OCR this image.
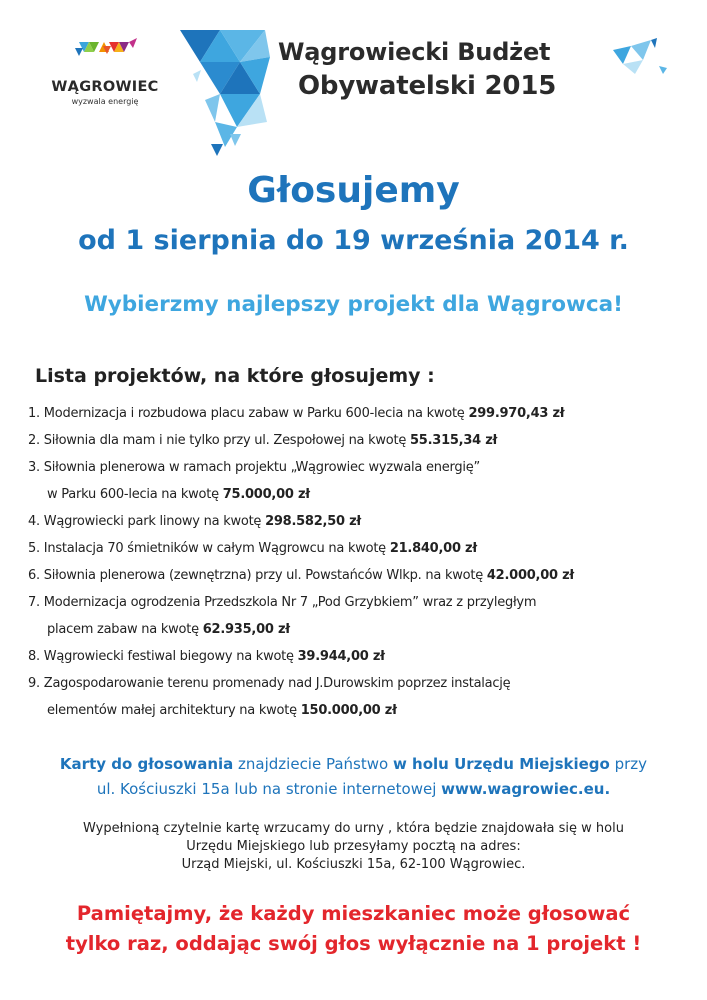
WĄGROWIEC
wyzwala energię
Wągrowiecki Budżet
Obywatelski 2015
Głosujemy
od 1 sierpnia do 19 września 2014 r.
Wybierzmy najlepszy projekt dla Wągrowca!
Lista projektów, na które głosujemy :
1. Modernizacja i rozbudowa placu zabaw w Parku 600-lecia na kwotę 299.970,43 zł
2. Siłownia dla mam i nie tylko przy ul. Zespołowej na kwotę 55.315,34 zł
3. Siłownia plenerowa w ramach projektu „Wągrowiec wyzwala energię”
w Parku 600-lecia na kwotę 75.000,00 zł
4. Wągrowiecki park linowy na kwotę 298.582,50 zł
5. Instalacja 70 śmietników w całym Wągrowcu na kwotę 21.840,00 zł
6. Siłownia plenerowa (zewnętrzna) przy ul. Powstańców Wlkp. na kwotę 42.000,00 zł
7. Modernizacja ogrodzenia Przedszkola Nr 7 „Pod Grzybkiem” wraz z przyległym
placem zabaw na kwotę 62.935,00 zł
8. Wągrowiecki festiwal biegowy na kwotę 39.944,00 zł
9. Zagospodarowanie terenu promenady nad J.Durowskim poprzez instalację
elementów małej architektury na kwotę 150.000,00 zł
Karty do głosowania znajdziecie Państwo w holu Urzędu Miejskiego przy
ul. Kościuszki 15a lub na stronie internetowej www.wagrowiec.eu.
Wypełnioną czytelnie kartę wrzucamy do urny , która będzie znajdowała się w holu
Urzędu Miejskiego lub przesyłamy pocztą na adres:
Urząd Miejski, ul. Kościuszki 15a, 62-100 Wągrowiec.
Pamiętajmy, że każdy mieszkaniec może głosować
tylko raz, oddając swój głos wyłącznie na 1 projekt !
